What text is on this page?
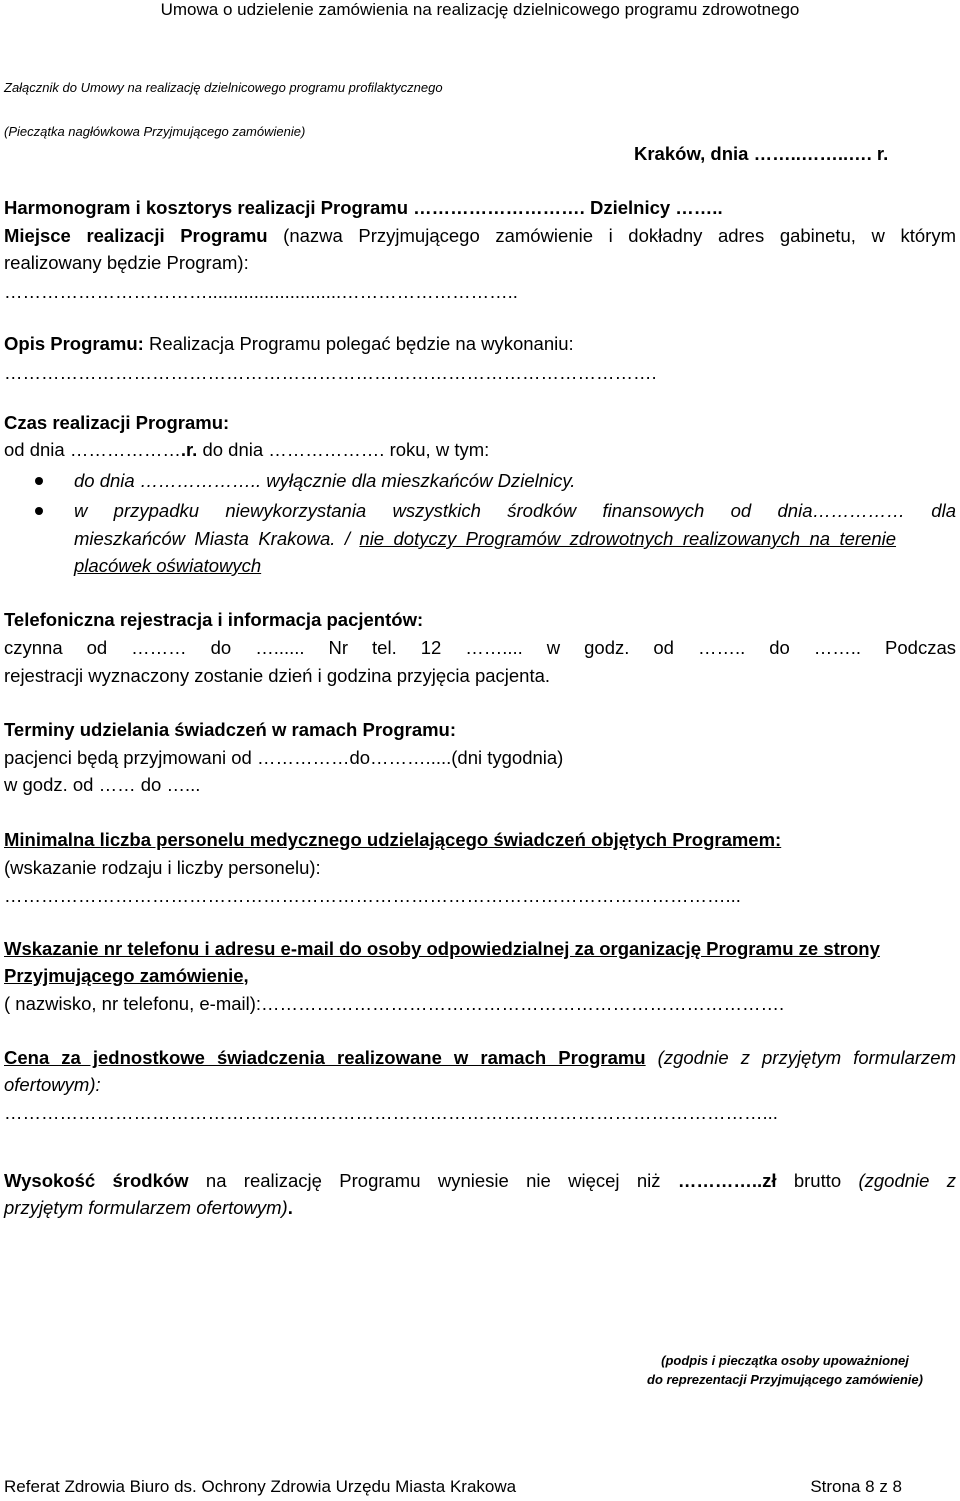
Umowa o udzielenie zamówienia na realizację dzielnicowego programu zdrowotnego
Załącznik do Umowy na realizację dzielnicowego programu profilaktycznego
(Pieczątka nagłówkowa Przyjmującego zamówienie)
Kraków, dnia ……..……..…. r.
Harmonogram i kosztorys realizacji Programu ………………………. Dzielnicy ……..
Miejsce realizacji Programu (nazwa Przyjmującego zamówienie i dokładny adres gabinetu, w którym
realizowany będzie Program):
……………………………..........................………………………..
Opis Programu: Realizacja Programu polegać będzie na wykonaniu:
…………………………………………………………………………………………….
Czas realizacji Programu:
od dnia ……………….r. do dnia ………………. roku, w tym:
do dnia ……………….. wyłącznie dla mieszkańców Dzielnicy.
w przypadku niewykorzystania wszystkich środków finansowych od dnia…………… dla
mieszkańców Miasta Krakowa. / nie dotyczy Programów zdrowotnych realizowanych na terenie
placówek oświatowych
Telefoniczna rejestracja i informacja pacjentów:
czynna od ……… do …...... Nr tel. 12 …….... w godz. od …….. do …….. Podczas
rejestracji wyznaczony zostanie dzień i godzina przyjęcia pacjenta.
Terminy udzielania świadczeń w ramach Programu:
pacjenci będą przyjmowani od ……………do……….....(dni tygodnia)
w godz. od …… do …...
Minimalna liczba personelu medycznego udzielającego świadczeń objętych Programem:
(wskazanie rodzaju i liczby personelu):
………………………………………………………………………………………………………...
Wskazanie nr telefonu i adresu e-mail do osoby odpowiedzialnej za organizację Programu ze strony
Przyjmującego zamówienie,
( nazwisko, nr telefonu, e-mail):………………………………………………………………………….
Cena za jednostkowe świadczenia realizowane w ramach Programu (zgodnie z przyjętym formularzem
ofertowym):
……………………………………………………………………………………………………………...
Wysokość środków na realizację Programu wyniesie nie więcej niż …………..zł brutto (zgodnie z
przyjętym formularzem ofertowym).
(podpis i pieczątka osoby upoważnionej
do reprezentacji Przyjmującego zamówienie)
Referat Zdrowia Biuro ds. Ochrony Zdrowia Urzędu Miasta Krakowa	Strona 8 z 8
